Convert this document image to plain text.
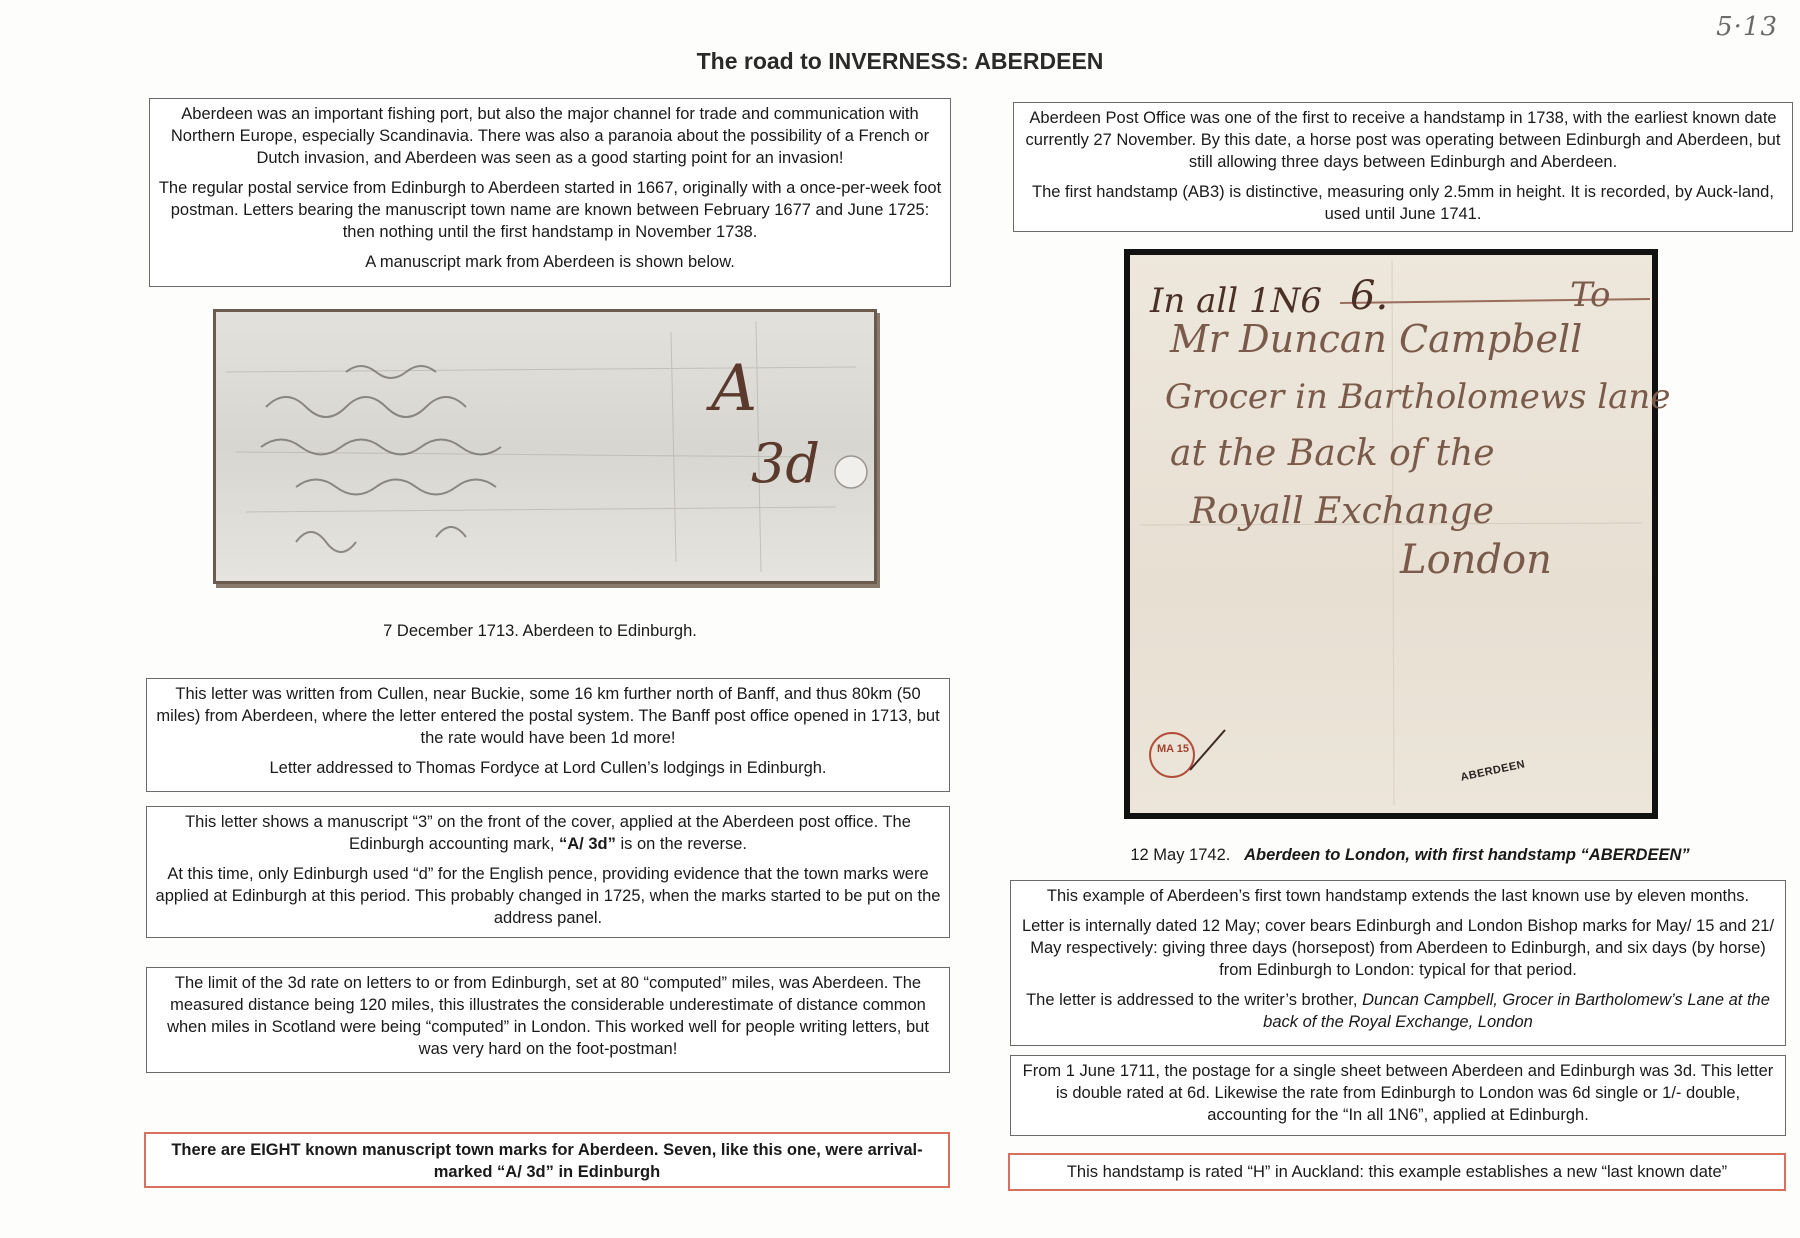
5·13
The road to INVERNESS: ABERDEEN

Aberdeen was an important fishing port, but also the major channel for trade and communication with Northern Europe, especially Scandinavia. There was also a paranoia about the possibility of a French or Dutch invasion, and Aberdeen was seen as a good starting point for an invasion!

The regular postal service from Edinburgh to Aberdeen started in 1667, originally with a once-per-week foot postman. Letters bearing the manuscript town name are known between February 1677 and June 1725: then nothing until the first handstamp in November 1738.

A manuscript mark from Aberdeen is shown below.

A
3d
7 December 1713. Aberdeen to Edinburgh.

This letter was written from Cullen, near Buckie, some 16 km further north of Banff, and thus 80km (50 miles) from Aberdeen, where the letter entered the postal system. The Banff post office opened in 1713, but the rate would have been 1d more!

Letter addressed to Thomas Fordyce at Lord Cullen’s lodgings in Edinburgh.

This letter shows a manuscript “3” on the front of the cover, applied at the Aberdeen post office. The Edinburgh accounting mark, “A/ 3d” is on the reverse.

At this time, only Edinburgh used “d” for the English pence, providing evidence that the town marks were applied at Edinburgh at this period. This probably changed in 1725, when the marks started to be put on the address panel.

The limit of the 3d rate on letters to or from Edinburgh, set at 80 “computed” miles, was Aberdeen. The measured distance being 120 miles, this illustrates the considerable underestimate of distance common when miles in Scotland were being “computed” in London. This worked well for people writing letters, but was very hard on the foot-postman!

There are EIGHT known manuscript town marks for Aberdeen. Seven, like this one, were arrival-marked “A/ 3d” in Edinburgh

Aberdeen Post Office was one of the first to receive a handstamp in 1738, with the earliest known date currently 27 November. By this date, a horse post was operating between Edinburgh and Aberdeen, but still allowing three days between Edinburgh and Aberdeen.

The first handstamp (AB3) is distinctive, measuring only 2.5mm in height. It is recorded, by Auck-land, used until June 1741.

In all 1N6 6.	To
Mr Duncan Campbell
Grocer in Bartholomews lane
at the Back of the
Royall Exchange
London
MA 15
ABERDEEN
12 May 1742. Aberdeen to London, with first handstamp “ABERDEEN”

This example of Aberdeen’s first town handstamp extends the last known use by eleven months.

Letter is internally dated 12 May; cover bears Edinburgh and London Bishop marks for May/ 15 and 21/ May respectively: giving three days (horsepost) from Aberdeen to Edinburgh, and six days (by horse) from Edinburgh to London: typical for that period.

The letter is addressed to the writer’s brother, Duncan Campbell, Grocer in Bartholomew’s Lane at the back of the Royal Exchange, London

From 1 June 1711, the postage for a single sheet between Aberdeen and Edinburgh was 3d. This letter is double rated at 6d. Likewise the rate from Edinburgh to London was 6d single or 1/- double, accounting for the “In all 1N6”, applied at Edinburgh.

This handstamp is rated “H” in Auckland: this example establishes a new “last known date”
